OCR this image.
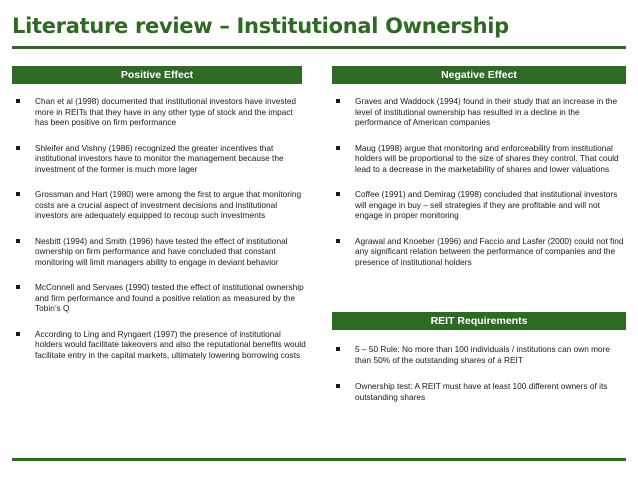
Literature review – Institutional Ownership
Positive Effect
Chan et al (1998) documented that institutional investors have invested more in REITs that they have in any other type of stock and the impact has been positive on firm performance
Shleifer and Vishny (1986) recognized the greater incentives that institutional investors have to monitor the management because the investment of the former is much more lager
Grossman and Hart (1980) were among the first to argue that monitoring costs are a crucial aspect of investment decisions and institutional investors are adequately equipped to recoup such investments
Nesbitt (1994) and Smith (1996) have tested the effect of institutional ownership on firm performance and have concluded that constant monitoring will limit managers ability to engage in deviant behavior
McConnell and Servaes (1990) tested the effect of institutional ownership and firm performance and found a positive relation as measured by the Tobin’s Q
According to Ling and Ryngaert (1997) the presence of institutional holders would facilitate takeovers and also the reputational benefits would facilitate entry in the capital markets, ultimately lowering borrowing costs
Negative Effect
Graves and Waddock (1994) found in their study that an increase in the level of institutional ownership has resulted in a decline in the performance of American companies
Maug (1998) argue that monitoring and enforceability from institutional holders will be proportional to the size of shares they control. That could lead to a decrease in the marketability of shares and lower valuations
Coffee (1991) and Demirag (1998) concluded that institutional investors will engage in buy – sell strategies if they are profitable and will not engage in proper monitoring
Agrawal and Knoeber (1996) and Faccio and Lasfer (2000) could not find any significant relation between the performance of companies and the presence of institutional holders
REIT Requirements
5 – 50 Rule: No more than 100 individuals / institutions can own more than 50% of the outstanding shares of a REIT
Ownership test: A REIT must have at least 100 different owners of its outstanding shares
